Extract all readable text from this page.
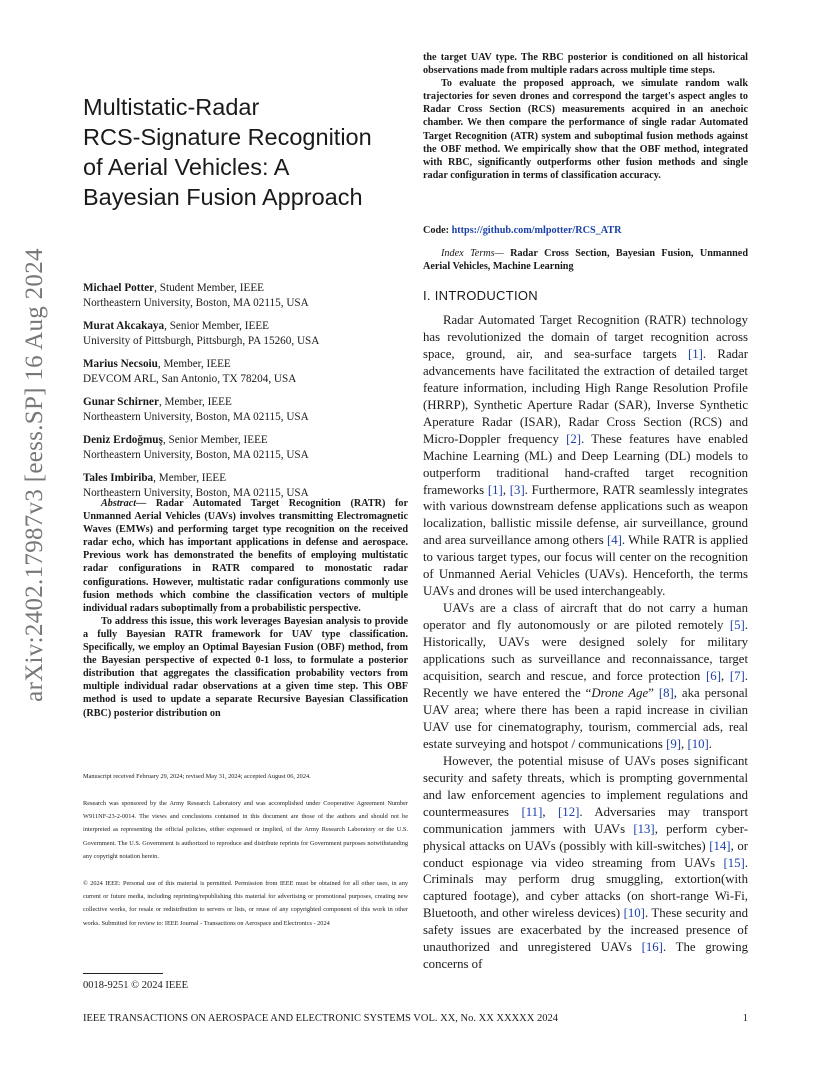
arXiv:2402.17987v3 [eess.SP] 16 Aug 2024
Multistatic-Radar
RCS-Signature Recognition
of Aerial Vehicles: A
Bayesian Fusion Approach
Michael Potter, Student Member, IEEE
Northeastern University, Boston, MA 02115, USA
Murat Akcakaya, Senior Member, IEEE
University of Pittsburgh, Pittsburgh, PA 15260, USA
Marius Necsoiu, Member, IEEE
DEVCOM ARL, San Antonio, TX 78204, USA
Gunar Schirner, Member, IEEE
Northeastern University, Boston, MA 02115, USA
Deniz Erdoğmuş, Senior Member, IEEE
Northeastern University, Boston, MA 02115, USA
Tales Imbiriba, Member, IEEE
Northeastern University, Boston, MA 02115, USA

Abstract— Radar Automated Target Recognition (RATR) for Unmanned Aerial Vehicles (UAVs) involves transmitting Electromagnetic Waves (EMWs) and performing target type recognition on the received radar echo, which has important applications in defense and aerospace. Previous work has demonstrated the benefits of employing multistatic radar configurations in RATR compared to monostatic radar configurations. However, multistatic radar configurations commonly use fusion methods which combine the classification vectors of multiple individual radars suboptimally from a probabilistic perspective.

To address this issue, this work leverages Bayesian analysis to provide a fully Bayesian RATR framework for UAV type classification. Specifically, we employ an Optimal Bayesian Fusion (OBF) method, from the Bayesian perspective of expected 0-1 loss, to formulate a posterior distribution that aggregates the classification probability vectors from multiple individual radar observations at a given time step. This OBF method is used to update a separate Recursive Bayesian Classification (RBC) posterior distribution on

Manuscript received February 29, 2024; revised May 31, 2024; accepted August 06, 2024.
Research was sponsored by the Army Research Laboratory and was accomplished under Cooperative Agreement Number W911NF-23-2-0014. The views and conclusions contained in this document are those of the authors and should not be interpreted as representing the official policies, either expressed or implied, of the Army Research Laboratory or the U.S. Government. The U.S. Government is authorized to reproduce and distribute reprints for Government purposes notwithstanding any copyright notation herein.
© 2024 IEEE: Personal use of this material is permitted. Permission from IEEE must be obtained for all other uses, in any current or future media, including reprinting/republishing this material for advertising or promotional purposes, creating new collective works, for resale or redistribution to servers or lists, or reuse of any copyrighted component of this work in other works. Submitted for review to: IEEE Journal - Transactions on Aerospace and Electronics - 2024
0018-9251 © 2024 IEEE

the target UAV type. The RBC posterior is conditioned on all historical observations made from multiple radars across multiple time steps.

To evaluate the proposed approach, we simulate random walk trajectories for seven drones and correspond the target's aspect angles to Radar Cross Section (RCS) measurements acquired in an anechoic chamber. We then compare the performance of single radar Automated Target Recognition (ATR) system and suboptimal fusion methods against the OBF method. We empirically show that the OBF method, integrated with RBC, significantly outperforms other fusion methods and single radar configuration in terms of classification accuracy.

Code: https://github.com/mlpotter/RCS_ATR
Index Terms— Radar Cross Section, Bayesian Fusion, Unmanned Aerial Vehicles, Machine Learning
I. INTRODUCTION

Radar Automated Target Recognition (RATR) technology has revolutionized the domain of target recognition across space, ground, air, and sea-surface targets [1]. Radar advancements have facilitated the extraction of detailed target feature information, including High Range Resolution Profile (HRRP), Synthetic Aperture Radar (SAR), Inverse Synthetic Aperature Radar (ISAR), Radar Cross Section (RCS) and Micro-Doppler frequency [2]. These features have enabled Machine Learning (ML) and Deep Learning (DL) models to outperform traditional hand-crafted target recognition frameworks [1], [3]. Furthermore, RATR seamlessly integrates with various downstream defense applications such as weapon localization, ballistic missile defense, air surveillance, ground and area surveillance among others [4]. While RATR is applied to various target types, our focus will center on the recognition of Unmanned Aerial Vehicles (UAVs). Henceforth, the terms UAVs and drones will be used interchangeably.

UAVs are a class of aircraft that do not carry a human operator and fly autonomously or are piloted remotely [5]. Historically, UAVs were designed solely for military applications such as surveillance and reconnaissance, target acquisition, search and rescue, and force protection [6], [7]. Recently we have entered the “Drone Age” [8], aka personal UAV area; where there has been a rapid increase in civilian UAV use for cinematography, tourism, commercial ads, real estate surveying and hotspot / communications [9], [10].

However, the potential misuse of UAVs poses significant security and safety threats, which is prompting governmental and law enforcement agencies to implement regulations and countermeasures [11], [12]. Adversaries may transport communication jammers with UAVs [13], perform cyber-physical attacks on UAVs (possibly with kill-switches) [14], or conduct espionage via video streaming from UAVs [15]. Criminals may perform drug smuggling, extortion(with captured footage), and cyber attacks (on short-range Wi-Fi, Bluetooth, and other wireless devices) [10]. These security and safety issues are exacerbated by the increased presence of unauthorized and unregistered UAVs [16]. The growing concerns of

IEEE TRANSACTIONS ON AEROSPACE AND ELECTRONIC SYSTEMS VOL. XX, No. XX XXXXX 2024	1
